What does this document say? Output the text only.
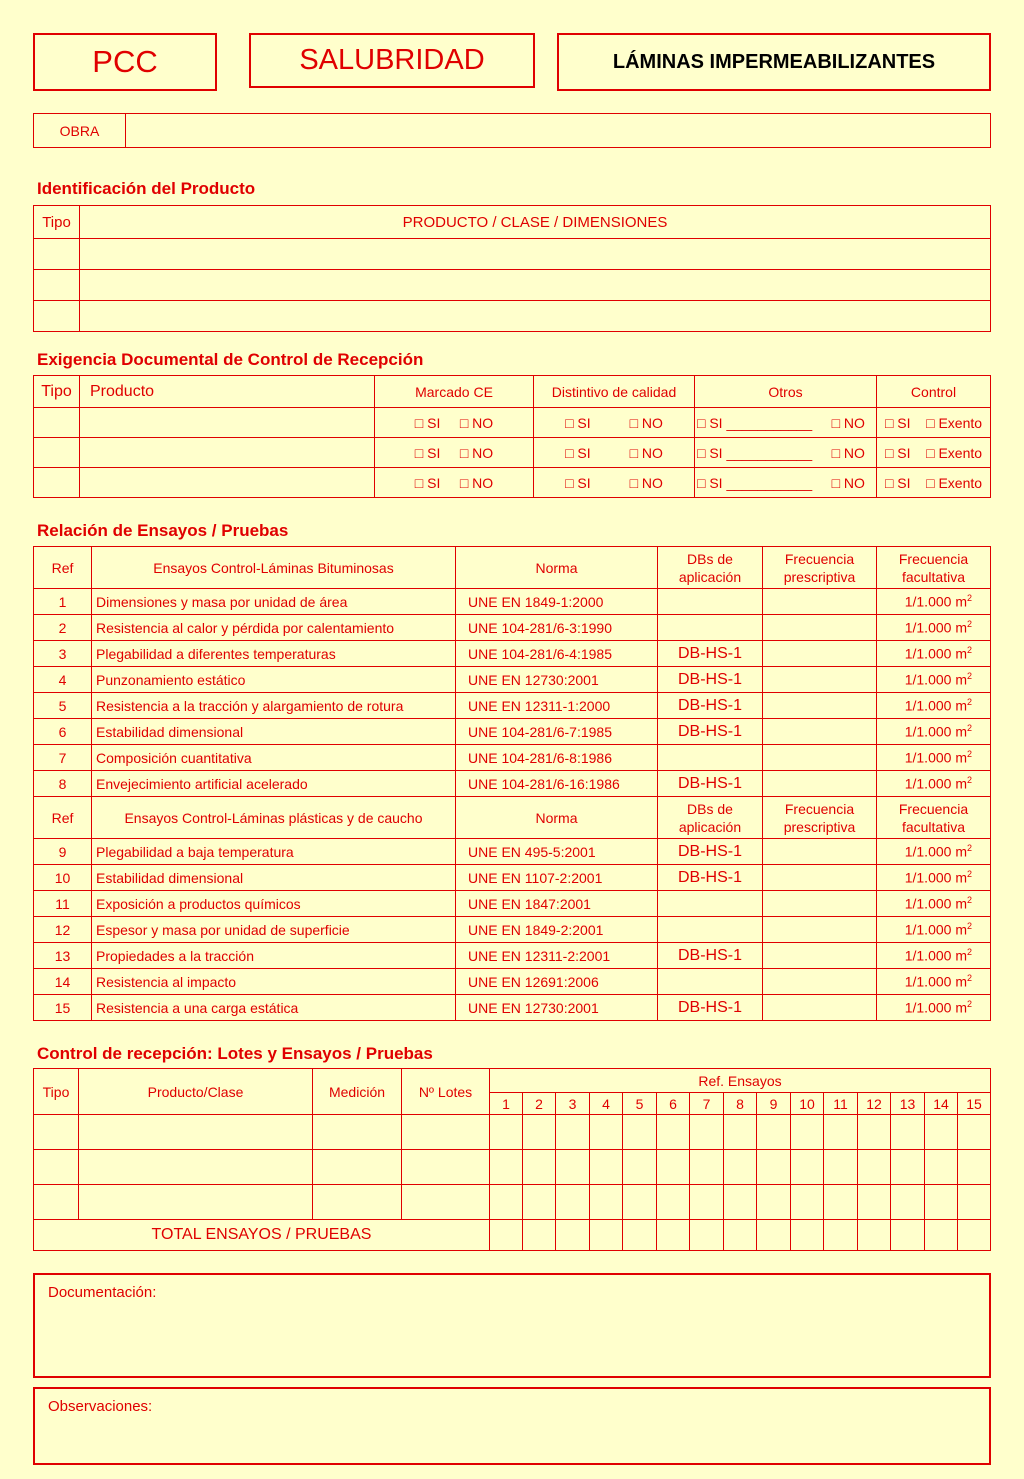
PCC	SALUBRIDAD	LÁMINAS IMPERMEABILIZANTES
OBRA	
Identificación del Producto
Tipo	PRODUCTO / CLASE / DIMENSIONES

Exigencia Documental de Control de Recepción
Tipo	Producto	Marcado CE	Distintivo de calidad	Otros	Control
		□ SI □ NO	□ SI □ NO	□ SI ___________ □ NO	□ SI □ Exento
		□ SI □ NO	□ SI □ NO	□ SI ___________ □ NO	□ SI □ Exento
		□ SI □ NO	□ SI □ NO	□ SI ___________ □ NO	□ SI □ Exento
Relación de Ensayos / Pruebas
Ref	Ensayos Control-Láminas Bituminosas	Norma	DBs de aplicación	Frecuencia prescriptiva	Frecuencia facultativa
1	Dimensiones y masa por unidad de área	UNE EN 1849-1:2000			1/1.000 $m^2$
2	Resistencia al calor y pérdida por calentamiento	UNE 104-281/6-3:1990			1/1.000 $m^2$
3	Plegabilidad a diferentes temperaturas	UNE 104-281/6-4:1985	DB-HS-1		1/1.000 $m^2$
4	Punzonamiento estático	UNE EN 12730:2001	DB-HS-1		1/1.000 $m^2$
5	Resistencia a la tracción y alargamiento de rotura	UNE EN 12311-1:2000	DB-HS-1		1/1.000 $m^2$
6	Estabilidad dimensional	UNE 104-281/6-7:1985	DB-HS-1		1/1.000 $m^2$
7	Composición cuantitativa	UNE 104-281/6-8:1986			1/1.000 $m^2$
8	Envejecimiento artificial acelerado	UNE 104-281/6-16:1986	DB-HS-1		1/1.000 $m^2$
Ref	Ensayos Control-Láminas plásticas y de caucho	Norma	DBs de aplicación	Frecuencia prescriptiva	Frecuencia facultativa
9	Plegabilidad a baja temperatura	UNE EN 495-5:2001	DB-HS-1		1/1.000 $m^2$
10	Estabilidad dimensional	UNE EN 1107-2:2001	DB-HS-1		1/1.000 $m^2$
11	Exposición a productos químicos	UNE EN 1847:2001			1/1.000 $m^2$
12	Espesor y masa por unidad de superficie	UNE EN 1849-2:2001			1/1.000 $m^2$
13	Propiedades a la tracción	UNE EN 12311-2:2001	DB-HS-1		1/1.000 $m^2$
14	Resistencia al impacto	UNE EN 12691:2006			1/1.000 $m^2$
15	Resistencia a una carga estática	UNE EN 12730:2001	DB-HS-1		1/1.000 $m^2$
Control de recepción: Lotes y Ensayos / Pruebas
Tipo	Producto/Clase	Medición	Nº Lotes	Ref. Ensayos														
				1	2	3	4	5	6	7	8	9	10	11	12	13	14	15

TOTAL ENSAYOS / PRUEBAS																		
Documentación:
Observaciones:
